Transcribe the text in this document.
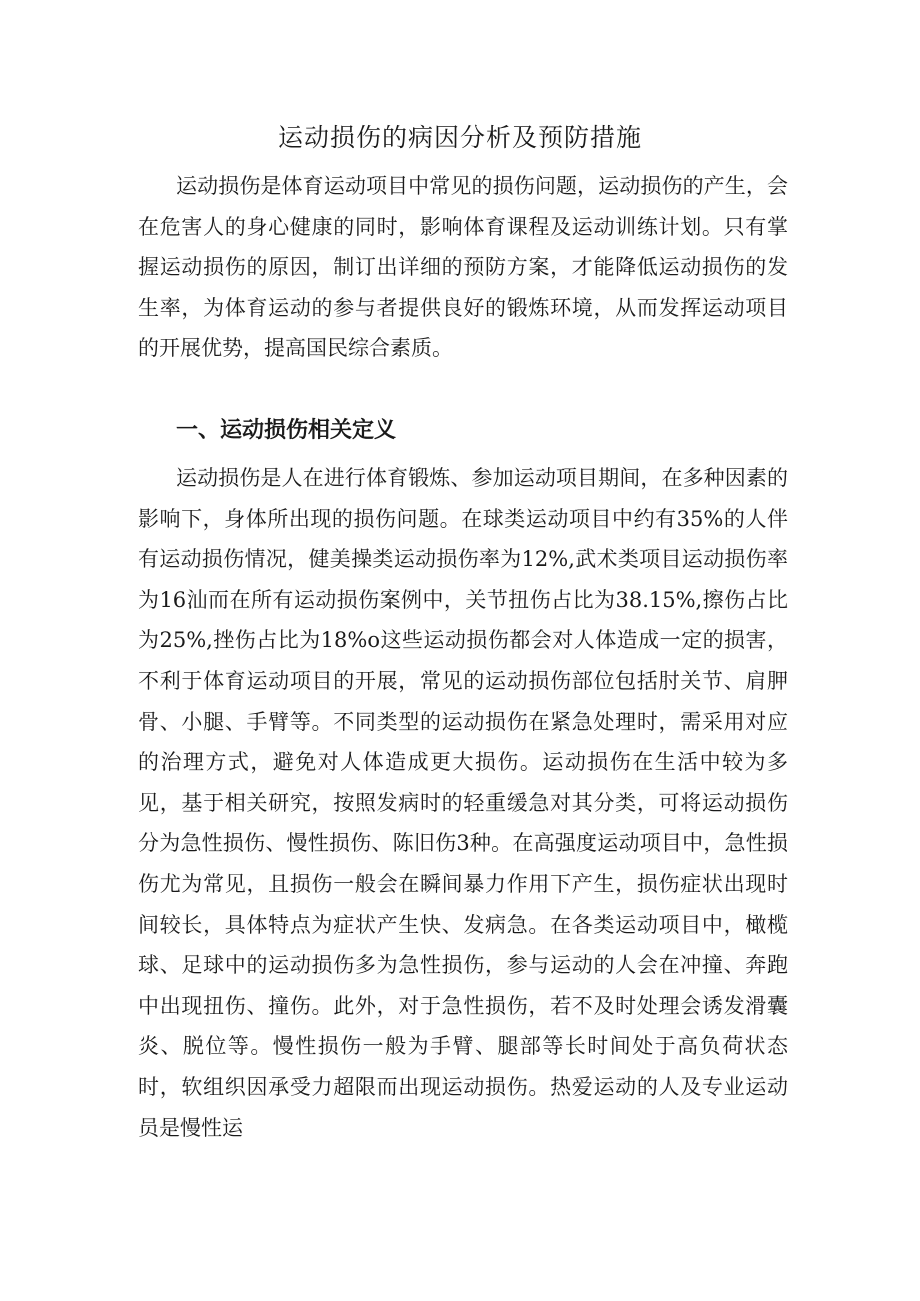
运动损伤的病因分析及预防措施

运动损伤是体育运动项目中常见的损伤问题，运动损伤的产生，会在危害人的身心健康的同时，影响体育课程及运动训练计划。只有掌握运动损伤的原因，制订出详细的预防方案，才能降低运动损伤的发生率，为体育运动的参与者提供良好的锻炼环境，从而发挥运动项目的开展优势，提高国民综合素质。

一、运动损伤相关定义

运动损伤是人在进行体育锻炼、参加运动项目期间，在多种因素的影响下，身体所出现的损伤问题。在球类运动项目中约有35%的人伴有运动损伤情况，健美操类运动损伤率为12%,武术类项目运动损伤率为16汕而在所有运动损伤案例中，关节扭伤占比为38.15%,擦伤占比为25%,挫伤占比为18%o这些运动损伤都会对人体造成一定的损害，不利于体育运动项目的开展，常见的运动损伤部位包括肘关节、肩胛骨、小腿、手臂等。不同类型的运动损伤在紧急处理时，需采用对应的治理方式，避免对人体造成更大损伤。运动损伤在生活中较为多见，基于相关研究，按照发病时的轻重缓急对其分类，可将运动损伤分为急性损伤、慢性损伤、陈旧伤3种。在高强度运动项目中，急性损伤尤为常见，且损伤一般会在瞬间暴力作用下产生，损伤症状出现时间较长，具体特点为症状产生快、发病急。在各类运动项目中，橄榄球、足球中的运动损伤多为急性损伤，参与运动的人会在冲撞、奔跑中出现扭伤、撞伤。此外，对于急性损伤，若不及时处理会诱发滑囊炎、脱位等。慢性损伤一般为手臂、腿部等长时间处于高负荷状态时，软组织因承受力超限而出现运动损伤。热爱运动的人及专业运动员是慢性运
